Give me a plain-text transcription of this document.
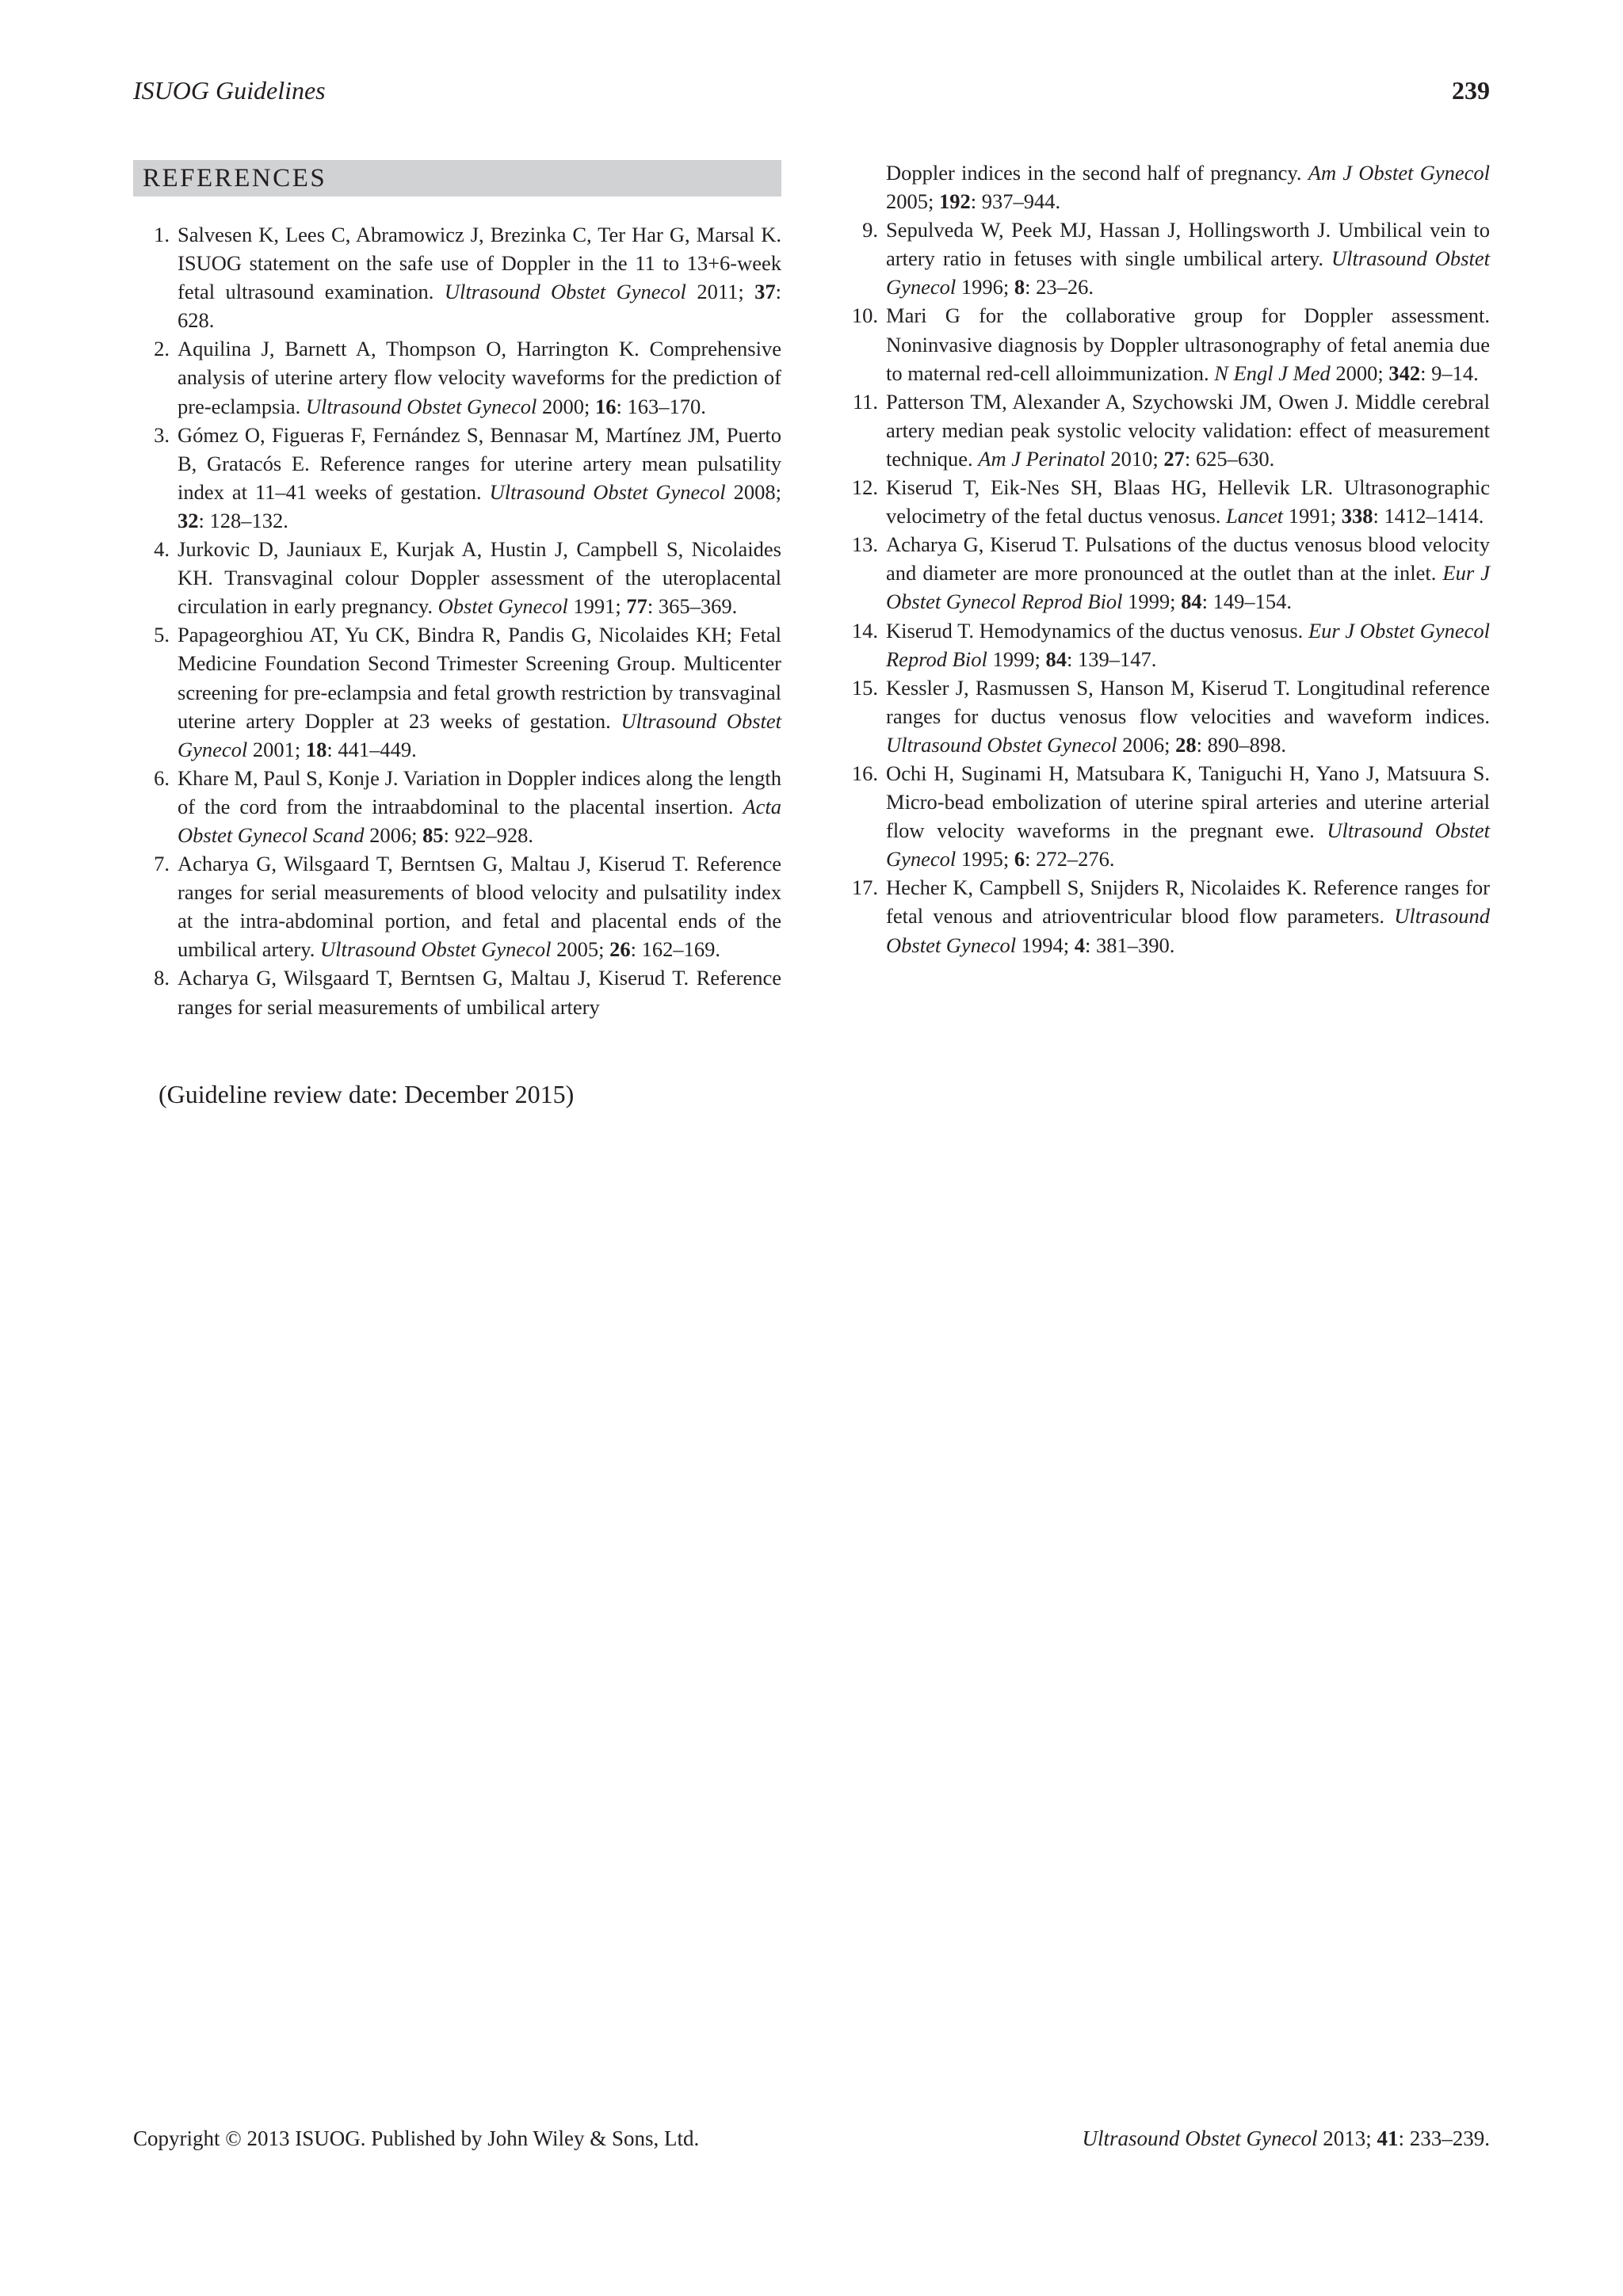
ISUOG Guidelines	239
REFERENCES
1. Salvesen K, Lees C, Abramowicz J, Brezinka C, Ter Har G, Marsal K. ISUOG statement on the safe use of Doppler in the 11 to 13+6-week fetal ultrasound examination. Ultrasound Obstet Gynecol 2011; 37: 628.
2. Aquilina J, Barnett A, Thompson O, Harrington K. Comprehensive analysis of uterine artery flow velocity waveforms for the prediction of pre-eclampsia. Ultrasound Obstet Gynecol 2000; 16: 163–170.
3. Gómez O, Figueras F, Fernández S, Bennasar M, Martínez JM, Puerto B, Gratacós E. Reference ranges for uterine artery mean pulsatility index at 11–41 weeks of gestation. Ultrasound Obstet Gynecol 2008; 32: 128–132.
4. Jurkovic D, Jauniaux E, Kurjak A, Hustin J, Campbell S, Nicolaides KH. Transvaginal colour Doppler assessment of the uteroplacental circulation in early pregnancy. Obstet Gynecol 1991; 77: 365–369.
5. Papageorghiou AT, Yu CK, Bindra R, Pandis G, Nicolaides KH; Fetal Medicine Foundation Second Trimester Screening Group. Multicenter screening for pre-eclampsia and fetal growth restriction by transvaginal uterine artery Doppler at 23 weeks of gestation. Ultrasound Obstet Gynecol 2001; 18: 441–449.
6. Khare M, Paul S, Konje J. Variation in Doppler indices along the length of the cord from the intraabdominal to the placental insertion. Acta Obstet Gynecol Scand 2006; 85: 922–928.
7. Acharya G, Wilsgaard T, Berntsen G, Maltau J, Kiserud T. Reference ranges for serial measurements of blood velocity and pulsatility index at the intra-abdominal portion, and fetal and placental ends of the umbilical artery. Ultrasound Obstet Gynecol 2005; 26: 162–169.
8. Acharya G, Wilsgaard T, Berntsen G, Maltau J, Kiserud T. Reference ranges for serial measurements of umbilical artery
Doppler indices in the second half of pregnancy. Am J Obstet Gynecol 2005; 192: 937–944.
9. Sepulveda W, Peek MJ, Hassan J, Hollingsworth J. Umbilical vein to artery ratio in fetuses with single umbilical artery. Ultrasound Obstet Gynecol 1996; 8: 23–26.
10. Mari G for the collaborative group for Doppler assessment. Noninvasive diagnosis by Doppler ultrasonography of fetal anemia due to maternal red-cell alloimmunization. N Engl J Med 2000; 342: 9–14.
11. Patterson TM, Alexander A, Szychowski JM, Owen J. Middle cerebral artery median peak systolic velocity validation: effect of measurement technique. Am J Perinatol 2010; 27: 625–630.
12. Kiserud T, Eik-Nes SH, Blaas HG, Hellevik LR. Ultrasonographic velocimetry of the fetal ductus venosus. Lancet 1991; 338: 1412–1414.
13. Acharya G, Kiserud T. Pulsations of the ductus venosus blood velocity and diameter are more pronounced at the outlet than at the inlet. Eur J Obstet Gynecol Reprod Biol 1999; 84: 149–154.
14. Kiserud T. Hemodynamics of the ductus venosus. Eur J Obstet Gynecol Reprod Biol 1999; 84: 139–147.
15. Kessler J, Rasmussen S, Hanson M, Kiserud T. Longitudinal reference ranges for ductus venosus flow velocities and waveform indices. Ultrasound Obstet Gynecol 2006; 28: 890–898.
16. Ochi H, Suginami H, Matsubara K, Taniguchi H, Yano J, Matsuura S. Micro-bead embolization of uterine spiral arteries and uterine arterial flow velocity waveforms in the pregnant ewe. Ultrasound Obstet Gynecol 1995; 6: 272–276.
17. Hecher K, Campbell S, Snijders R, Nicolaides K. Reference ranges for fetal venous and atrioventricular blood flow parameters. Ultrasound Obstet Gynecol 1994; 4: 381–390.
(Guideline review date: December 2015)
Copyright © 2013 ISUOG. Published by John Wiley & Sons, Ltd.	Ultrasound Obstet Gynecol 2013; 41: 233–239.
